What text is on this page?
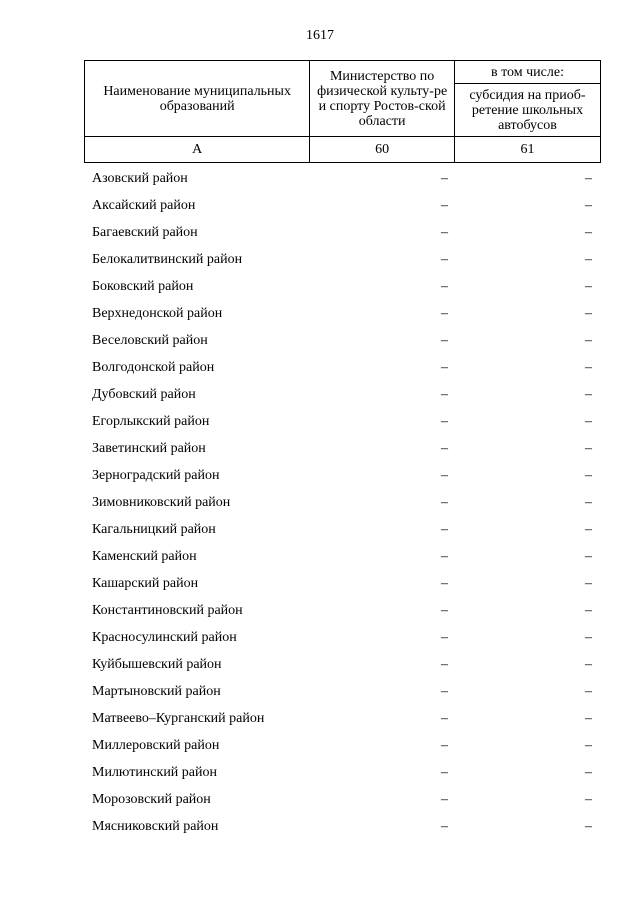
1617
Наименование муниципальных образований	Министерство по физической культу-ре и спорту Ростов-ской области	в том числе:
		субсидия на приоб-ретение школьных автобусов
А	60	61
Азовский район	–	–
Аксайский район	–	–
Багаевский район	–	–
Белокалитвинский район	–	–
Боковский район	–	–
Верхнедонской район	–	–
Веселовский район	–	–
Волгодонской район	–	–
Дубовский район	–	–
Егорлыкский район	–	–
Заветинский район	–	–
Зерноградский район	–	–
Зимовниковский район	–	–
Кагальницкий район	–	–
Каменский район	–	–
Кашарский район	–	–
Константиновский район	–	–
Красносулинский район	–	–
Куйбышевский район	–	–
Мартыновский район	–	–
Матвеево–Курганский район	–	–
Миллеровский район	–	–
Милютинский район	–	–
Морозовский район	–	–
Мясниковский район	–	–
